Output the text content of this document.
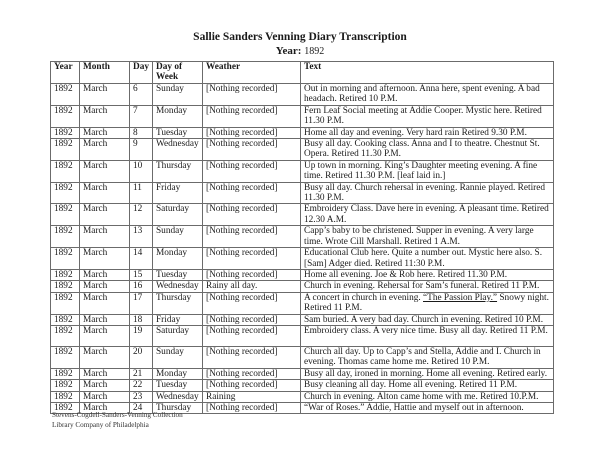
Sallie Sanders Venning Diary Transcription
Year: 1892
Year	Month	Day	Day of Week	Weather	Text
1892	March	6	Sunday	[Nothing recorded]	Out in morning and afternoon. Anna here, spent evening. A bad headach. Retired 10 P.M.
1892	March	7	Monday	[Nothing recorded]	Fern Leaf Social meeting at Addie Cooper. Mystic here. Retired 11.30 P.M.
1892	March	8	Tuesday	[Nothing recorded]	Home all day and evening. Very hard rain Retired 9.30 P.M.
1892	March	9	Wednesday	[Nothing recorded]	Busy all day. Cooking class. Anna and I to theatre. Chestnut St. Opera. Retired 11.30 P.M.
1892	March	10	Thursday	[Nothing recorded]	Up town in morning. King’s Daughter meeting evening. A fine time. Retired 11.30 P.M. [leaf laid in.]
1892	March	11	Friday	[Nothing recorded]	Busy all day. Church rehersal in evening. Rannie played. Retired 11.30 P.M.
1892	March	12	Saturday	[Nothing recorded]	Embroidery Class. Dave here in evening. A pleasant time. Retired 12.30 A.M.
1892	March	13	Sunday	[Nothing recorded]	Capp’s baby to be christened. Supper in evening. A very large time. Wrote Cill Marshall. Retired 1 A.M.
1892	March	14	Monday	[Nothing recorded]	Educational Club here. Quite a number out. Mystic here also. S. [Sam] Adger died. Retired 11:30 P.M.
1892	March	15	Tuesday	[Nothing recorded]	Home all evening. Joe & Rob here. Retired 11.30 P.M.
1892	March	16	Wednesday	Rainy all day.	Church in evening. Rehersal for Sam’s funeral. Retired 11 P.M.
1892	March	17	Thursday	[Nothing recorded]	A concert in church in evening. “The Passion Play.” Snowy night. Retired 11 P.M.
1892	March	18	Friday	[Nothing recorded]	Sam buried. A very bad day. Church in evening. Retired 10 P.M.
1892	March	19	Saturday	[Nothing recorded]	Embroidery class. A very nice time. Busy all day. Retired 11 P.M.
1892	March	20	Sunday	[Nothing recorded]	Church all day. Up to Capp’s and Stella, Addie and I. Church in evening. Thomas came home me. Retired 10 P.M.
1892	March	21	Monday	[Nothing recorded]	Busy all day, ironed in morning. Home all evening. Retired early.
1892	March	22	Tuesday	[Nothing recorded]	Busy cleaning all day. Home all evening. Retired 11 P.M.
1892	March	23	Wednesday	Raining	Church in evening. Alton came home with me. Retired 10.P.M.
1892	March	24	Thursday	[Nothing recorded]	“War of Roses.” Addie, Hattie and myself out in afternoon.
Stevens-Cogdell-Sanders-Venning Collection
Library Company of Philadelphia
